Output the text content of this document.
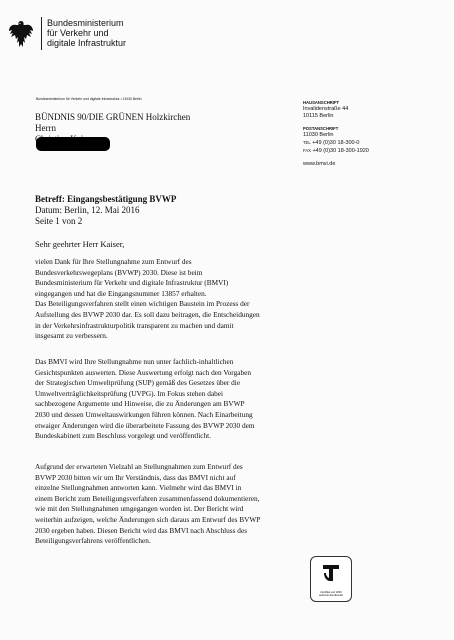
Bundesministerium
für Verkehr und
digitale Infrastruktur
Bundesministerium für Verkehr und digitale Infrastruktur • 11030 Berlin
BÜNDNIS 90/DIE GRÜNEN Holzkirchen
Herrn
HAUSANSCHRIFT
Invalidenstraße 44
10115 Berlin
POSTANSCHRIFT
11030 Berlin
TEL +49 (0)30 18-300-0
FAX +49 (0)30 18-300-1920
www.bmvi.de
Betreff: Eingangsbestätigung BVWP
Datum: Berlin, 12. Mai 2016
Seite 1 von 2
Sehr geehrter Herr Kaiser,
vielen Dank für Ihre Stellungnahme zum Entwurf des
Bundesverkehrswegeplans (BVWP) 2030. Diese ist beim
Bundesministerium für Verkehr und digitale Infrastruktur (BMVI)
eingegangen und hat die Eingangsnummer 13857 erhalten.
Das Beteiligungsverfahren stellt einen wichtigen Baustein im Prozess der
Aufstellung des BVWP 2030 dar. Es soll dazu beitragen, die Entscheidungen
in der Verkehrsinfrastrukturpolitik transparent zu machen und damit
insgesamt zu verbessern.
Das BMVI wird Ihre Stellungnahme nun unter fachlich-inhaltlichen
Gesichtspunkten auswerten. Diese Auswertung erfolgt nach den Vorgaben
der Strategischen Umweltprüfung (SUP) gemäß des Gesetzes über die
Umweltverträglichkeitsprüfung (UVPG). Im Fokus stehen dabei
sachbezogene Argumente und Hinweise, die zu Änderungen am BVWP
2030 und dessen Umweltauswirkungen führen können. Nach Einarbeitung
etwaiger Änderungen wird die überarbeitete Fassung des BVWP 2030 dem
Bundeskabinett zum Beschluss vorgelegt und veröffentlicht.
Aufgrund der erwarteten Vielzahl an Stellungnahmen zum Entwurf des
BVWP 2030 bitten wir um Ihr Verständnis, dass das BMVI nicht auf
einzelne Stellungnahmen antworten kann. Vielmehr wird das BMVI in
einem Bericht zum Beteiligungsverfahren zusammenfassend dokumentieren,
wie mit den Stellungnahmen umgegangen worden ist. Der Bericht wird
weiterhin aufzeigen, welche Änderungen sich daraus am Entwurf des BVWP
2030 ergeben haben. Diesen Bericht wird das BMVI nach Abschluss des
Beteiligungsverfahrens veröffentlichen.
Zertifikat seit 2009
audit berufundfamilie
